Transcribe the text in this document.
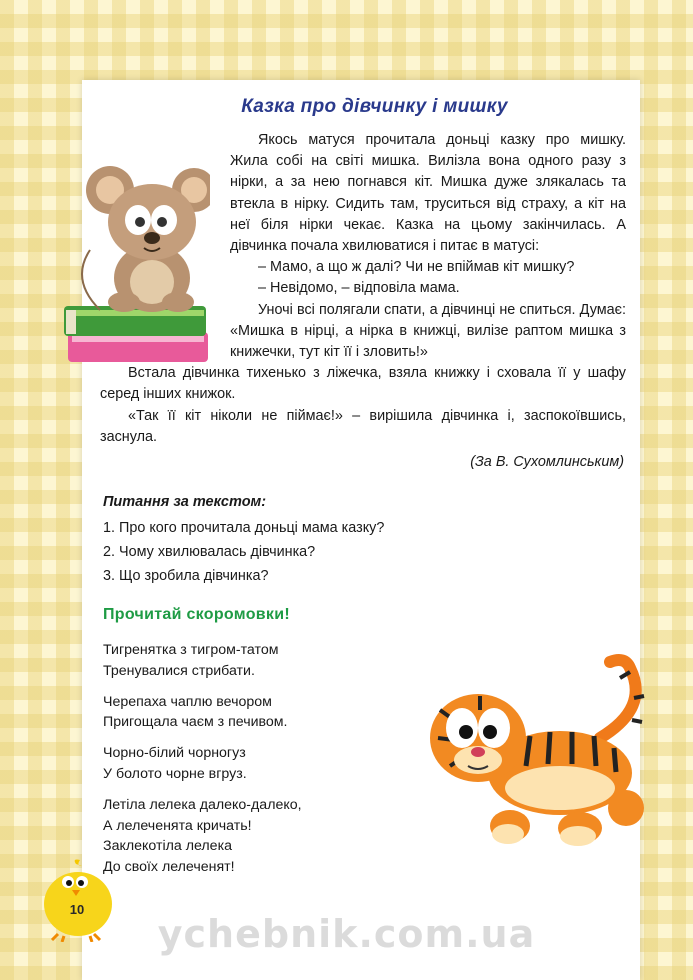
Казка про дівчинку і мишку

Якось матуся прочитала доньці казку про мишку. Жила собі на світі мишка. Вилізла вона одного разу з нірки, а за нею погнався кіт. Мишка дуже злякалась та втекла в нірку. Сидить там, труситься від страху, а кіт на неї біля нірки чекає. Казка на цьому закінчилась. А дівчинка почала хвилюватися і питає в матусі:

– Мамо, а що ж далі? Чи не впіймав кіт мишку?

– Невідомо, – відповіла мама.

Уночі всі полягали спати, а дівчинці не спиться. Думає: «Мишка в нірці, а нірка в книжці, вилізе раптом мишка з книжечки, тут кіт її і зловить!»

Встала дівчинка тихенько з ліжечка, взяла книжку і сховала її у шафу серед інших книжок.

«Так її кіт ніколи не піймає!» – вирішила дівчинка і, заспокоївшись, заснула.

(За В. Сухомлинським)

Питання за текстом:
1. Про кого прочитала доньці мама казку?
2. Чому хвилювалась дівчинка?
3. Що зробила дівчинка?
Прочитай скоромовки!
Тигренятка з тигром-татом
Тренувалися стрибати.
Черепаха чаплю вечором
Пригощала чаєм з печивом.
Чорно-білий чорногуз
У болото чорне вгруз.
Летіла лелека далеко-далеко,
А лелеченята кричать!
Заклекотіла лелека
До своїх лелеченят!
10
ychebnik.com.ua
